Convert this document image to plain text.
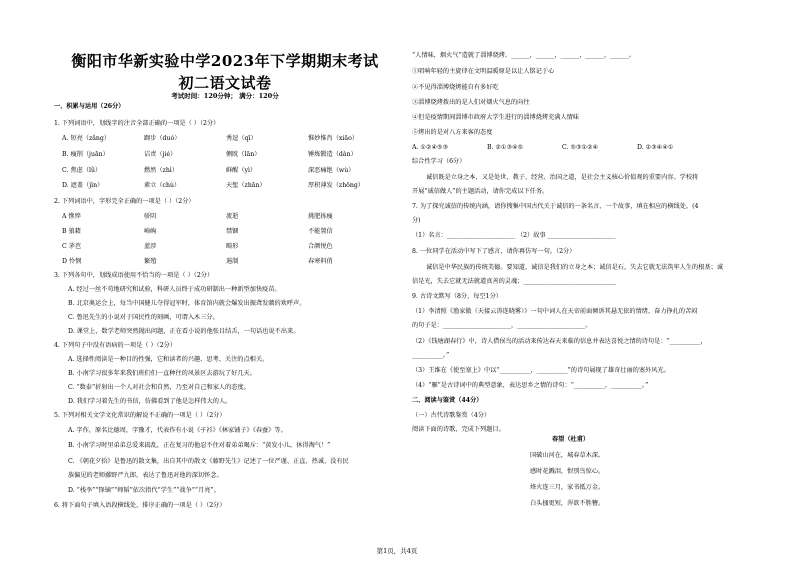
衡阳市华新实验中学2023年下学期期末考试
初二语文试卷
考试时间：120分钟； 满分：120分
一、积累与运用（26分）
1. 下列词语中，划线字的注音全部正确的一项是（ ）（2分）
A. 短亮（zǎng）	蹿步（duó）	秀逗（qī）	惟妙惟肖（xiāo）
B. 瘦削（juān）	诘责（jié）	侧眈（lān）	锤炼锻造（dàn）
C. 焦虑（lǜ）	燃然（zhì）	鲜醒（yì）	深恶痛绝（wù）
D. 遮盖（jìn）	素立（chù）	天堑（zhǎn）	厚积薄发（zhōng）
2. 下列词语中，字形完全正确的一项是（ ）（2分）
A 憔悴	骄阴	流逝	挑肥拣瘦
B 狼藉	崎峋	禁锢	不能置信
C 茅芭	蓝涉	畸形	合颜悦色
D 怜悯	繁殖	遏制	春寒料俏
3. 下列各句中，划线成语使用不恰当的一项是（ ）（2分）
A. 经过一丝不苟地研究和试验，科研人员终于成功研制出一种新型加快疫苗。
B. 北京奥运会上，每当中国健儿夺得冠军时，体育馆内就会爆发出振聋发聩的欢呼声。
C. 鲁迅先生的小说对于国民性的刻画，可谓入木三分。
D. 课堂上，数学老师突然抛出问题，正在看小说的他张目结舌，一句话也说不出来。
4. 下列句子中没有语病的一项是（ ）（2分）
A. 选择性阅读是一种目的性强，它和读者的兴趣、思考、关注的点相关。
B. 小南学习很多年来我们班们们一直种往的风景区去游玩了好几天。
C. “数泰”折射出一个人对社会和自然，乃至对自己和家人的态度。
D. 我们学习着先生的书信，仿佛看到了他是怎样伟大的人。
5. 下列对相关文学文化常识的解说不正确的一项是（ ）（2分）
A. 字作，原名比德周，字豫才，代表作有小说《孑衫》《林家铺子》《春蚕》等。
B. 小南学习时里弟弟总爱来捣乱，正在复习的他忍不住对着弟弟喝斥：“黄发小儿，休得淘气！”
C. 《朝花夕拾》是鲁迅的散文集，出自其中的散文《藤野先生》记述了一位严谨、正直、热诚、没有民
族偏见的老师藤野严九郎，表达了鲁迅对他的深切怀念。
D. “栈李”“锋镝”“师韬”依次指代“学生”“战争”“月亮”。
6. 将下面句子填入语段横线处，排序正确的一项是（ ）（2分）
“人情味，烟火气”造就了淄博烧烤。______，______，______，______，______。
①唱响年轻的主旋律在文明温暖原是以让人铭记于心
②不见得淄博烧烤能自有多好吃
③淄博烧烤拨出的是人们对烟火气息的向往
④但是疫情期间淄博市政府大学生进行的淄博烧烤充满人情味
⑤烤出的是对八方来客的态度
A. ①②④⑤③	B. ②①③④⑤	C. ⑤③①②④	D. ②③④④①
综合性学习（6分）
诚信既是立身之本，又是处世、教子、经营、治国之道，是社会主义核心价值观的重要内容。学校将
开展“诚信做人”的主题活动，请你完成以下任务。
7. 为了探究诚信的传统内涵，请你搜集中国古代关于诚信的一条名言、一个故事，填在相应的横线处。(4
分)
（1）名言：______________________ （2）故事 ______________________
8. 一位同学在活动中写下了感言，请你再仿写一句。（2分）
诚信是中华民族的传统美德。要知道，诚信是我们的立身之本；诚信是石，失去它就无法筑牢人生的根基；诚
信是光，失去它就无法就道真善的灵魂；______________________________
9. 古诗文默写（8分，每空1分）
（1）李清照《渔家傲（天接云涛连晓雾）》一句中词人在天帝前面倾诉其悬无依的情绪，奋力挣扎的苦闷
的句子是：______________________，______________________。
（2）《钱塘湖春行》中，诗人借侯鸟的活动来传达春天来临的信息并表达喜悦之情的诗句是：“__________，
__________。”
（3）王维在《使至塞上》中以“__________，__________”的诗句展现了雄奇壮丽的塞外风光。
（4）“雁”是古诗词中的典型意象，表达思乡之情的诗句：“__________，__________。”
二、阅读与鉴赏（44分）
（一）古代诗歌鉴赏（4分）
阅读下面的诗歌，完成下列题目。
春望（杜甫）
国破山河在，城春草木深。
感时花溅泪，恨别鸟惊心。
烽火连三月，家书抵万金。
白头搔更短，浑欲不胜簪。
第1页，共4页
